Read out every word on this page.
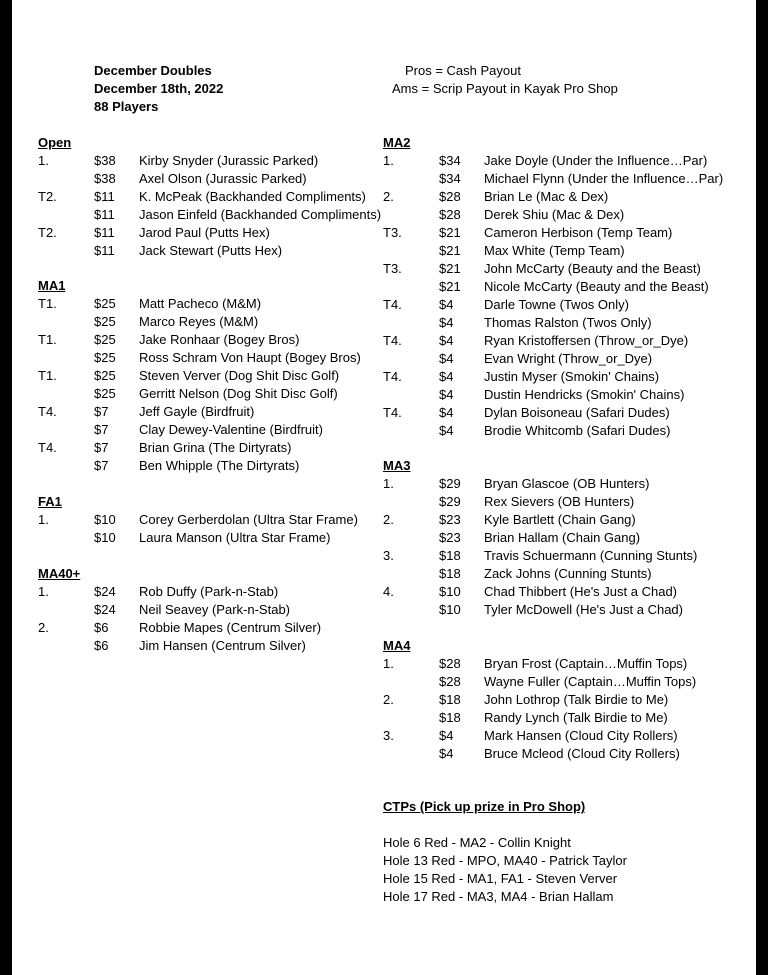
December Doubles
December 18th, 2022
88 Players
Pros = Cash Payout
Ams = Scrip Payout in Kayak Pro Shop
Open
1.	$38 Kirby Snyder (Jurassic Parked)
$38 Axel Olson (Jurassic Parked)
T2.	$11 K. McPeak (Backhanded Compliments)
$11 Jason Einfeld (Backhanded Compliments)
T2.	$11 Jarod Paul (Putts Hex)
$11 Jack Stewart (Putts Hex)
MA1
T1.	$25 Matt Pacheco (M&M)
$25 Marco Reyes (M&M)
T1.	$25 Jake Ronhaar (Bogey Bros)
$25 Ross Schram Von Haupt (Bogey Bros)
T1.	$25 Steven Verver (Dog Shit Disc Golf)
$25 Gerritt Nelson (Dog Shit Disc Golf)
T4.	$7 Jeff Gayle (Birdfruit)
$7 Clay Dewey-Valentine (Birdfruit)
T4.	$7 Brian Grina (The Dirtyrats)
$7 Ben Whipple (The Dirtyrats)
FA1
1.	$10 Corey Gerberdolan (Ultra Star Frame)
$10 Laura Manson (Ultra Star Frame)
MA40+
1.	$24 Rob Duffy (Park-n-Stab)
$24 Neil Seavey (Park-n-Stab)
2.	$6 Robbie Mapes (Centrum Silver)
$6 Jim Hansen (Centrum Silver)
MA2
1.	$34 Jake Doyle (Under the Influence…Par)
$34 Michael Flynn (Under the Influence…Par)
2.	$28 Brian Le (Mac & Dex)
$28 Derek Shiu (Mac & Dex)
T3.	$21 Cameron Herbison (Temp Team)
$21 Max White (Temp Team)
T3.	$21 John McCarty (Beauty and the Beast)
$21 Nicole McCarty (Beauty and the Beast)
T4.	$4 Darle Towne (Twos Only)
$4 Thomas Ralston (Twos Only)
T4.	$4 Ryan Kristoffersen (Throw_or_Dye)
$4 Evan Wright (Throw_or_Dye)
T4.	$4 Justin Myser (Smokin' Chains)
$4 Dustin Hendricks (Smokin' Chains)
T4.	$4 Dylan Boisoneau (Safari Dudes)
$4 Brodie Whitcomb (Safari Dudes)
MA3
1.	$29 Bryan Glascoe (OB Hunters)
$29 Rex Sievers (OB Hunters)
2.	$23 Kyle Bartlett (Chain Gang)
$23 Brian Hallam (Chain Gang)
3.	$18 Travis Schuermann (Cunning Stunts)
$18 Zack Johns (Cunning Stunts)
4.	$10 Chad Thibbert (He's Just a Chad)
$10 Tyler McDowell (He's Just a Chad)
MA4
1.	$28 Bryan Frost (Captain…Muffin Tops)
$28 Wayne Fuller (Captain…Muffin Tops)
2.	$18 John Lothrop (Talk Birdie to Me)
$18 Randy Lynch (Talk Birdie to Me)
3.	$4 Mark Hansen (Cloud City Rollers)
$4 Bruce Mcleod (Cloud City Rollers)
CTPs (Pick up prize in Pro Shop)
Hole 6 Red - MA2 - Collin Knight
Hole 13 Red - MPO, MA40 - Patrick Taylor
Hole 15 Red - MA1, FA1 - Steven Verver
Hole 17 Red - MA3, MA4 - Brian Hallam
